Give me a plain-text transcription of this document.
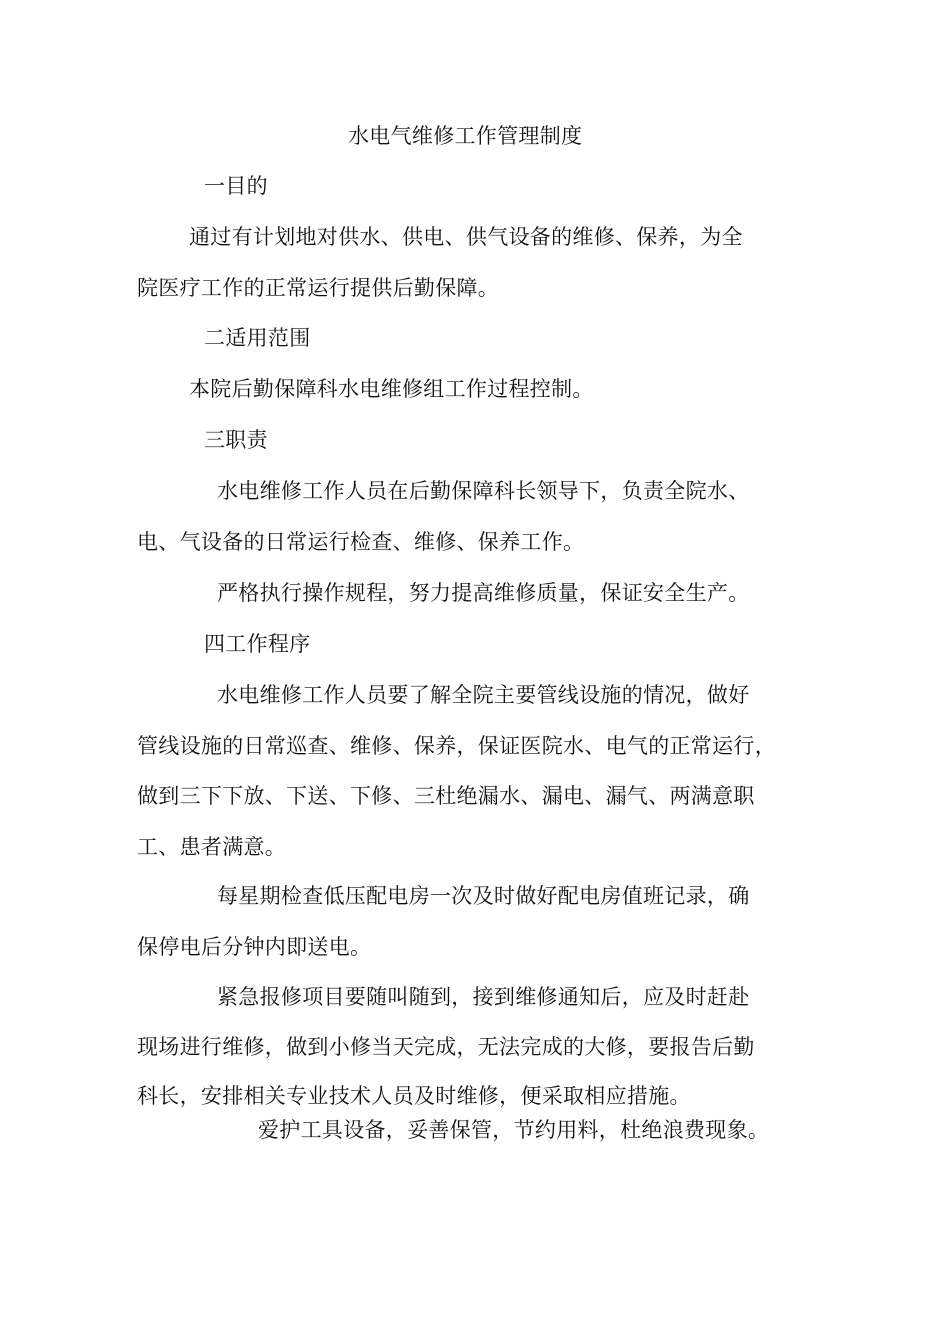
水电气维修工作管理制度
一目的
通过有计划地对供水、供电、供气设备的维修、保养，为全
院医疗工作的正常运行提供后勤保障。
二适用范围
本院后勤保障科水电维修组工作过程控制。
三职责
水电维修工作人员在后勤保障科长领导下，负责全院水、
电、气设备的日常运行检查、维修、保养工作。
严格执行操作规程，努力提高维修质量，保证安全生产。
四工作程序
水电维修工作人员要了解全院主要管线设施的情况，做好
管线设施的日常巡查、维修、保养，保证医院水、电气的正常运行，
做到三下下放、下送、下修、三杜绝漏水、漏电、漏气、两满意职
工、患者满意。
每星期检查低压配电房一次及时做好配电房值班记录，确
保停电后分钟内即送电。
紧急报修项目要随叫随到，接到维修通知后，应及时赶赴
现场进行维修，做到小修当天完成，无法完成的大修，要报告后勤
科长，安排相关专业技术人员及时维修，便采取相应措施。
爱护工具设备，妥善保管，节约用料，杜绝浪费现象。
